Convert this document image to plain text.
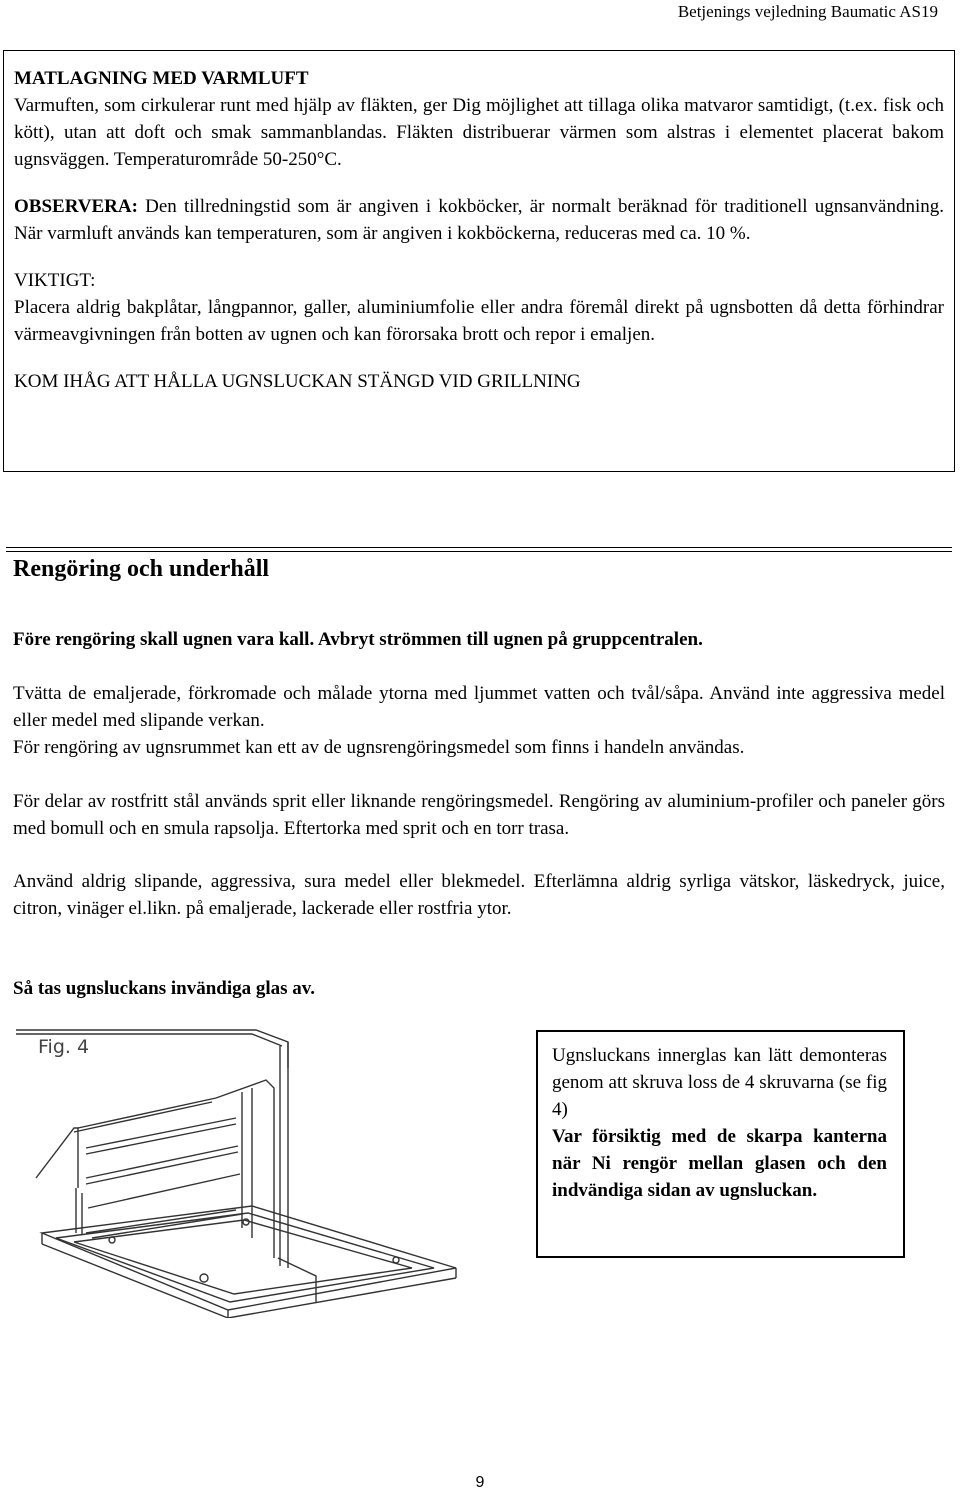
Betjenings vejledning Baumatic AS19

MATLAGNING MED VARMLUFT

Varmuften, som cirkulerar runt med hjälp av fläkten, ger Dig möjlighet att tillaga olika matvaror samtidigt, (t.ex. fisk och kött), utan att doft och smak sammanblandas. Fläkten distribuerar värmen som alstras i elementet placerat bakom ugnsväggen. Temperaturområde 50-250°C.

OBSERVERA: Den tillredningstid som är angiven i kokböcker, är normalt beräknad för traditionell ugnsanvändning. När varmluft används kan temperaturen, som är angiven i kokböckerna, reduceras med ca. 10 %.

VIKTIGT:

Placera aldrig bakplåtar, långpannor, galler, aluminiumfolie eller andra föremål direkt på ugnsbotten då detta förhindrar värmeavgivningen från botten av ugnen och kan förorsaka brott och repor i emaljen.

KOM IHÅG ATT HÅLLA UGNSLUCKAN STÄNGD VID GRILLNING

Rengöring och underhåll

Före rengöring skall ugnen vara kall. Avbryt strömmen till ugnen på gruppcentralen.

Tvätta de emaljerade, förkromade och målade ytorna med ljummet vatten och tvål/såpa. Använd inte aggressiva medel eller medel med slipande verkan.

För rengöring av ugnsrummet kan ett av de ugnsrengöringsmedel som finns i handeln användas.

För delar av rostfritt stål används sprit eller liknande rengöringsmedel. Rengöring av aluminium-profiler och paneler görs med bomull och en smula rapsolja. Eftertorka med sprit och en torr trasa.

Använd aldrig slipande, aggressiva, sura medel eller blekmedel. Efterlämna aldrig syrliga vätskor, läskedryck, juice, citron, vinäger el.likn. på emaljerade, lackerade eller rostfria ytor.

Så tas ugnsluckans invändiga glas av.

Fig. 4	Ugnsluckans innerglas kan lätt demonteras genom att skruva loss de 4 skruvarna (se fig 4)

Var försiktig med de skarpa kanterna när Ni rengör mellan glasen och den indvändiga sidan av ugnsluckan.

9
